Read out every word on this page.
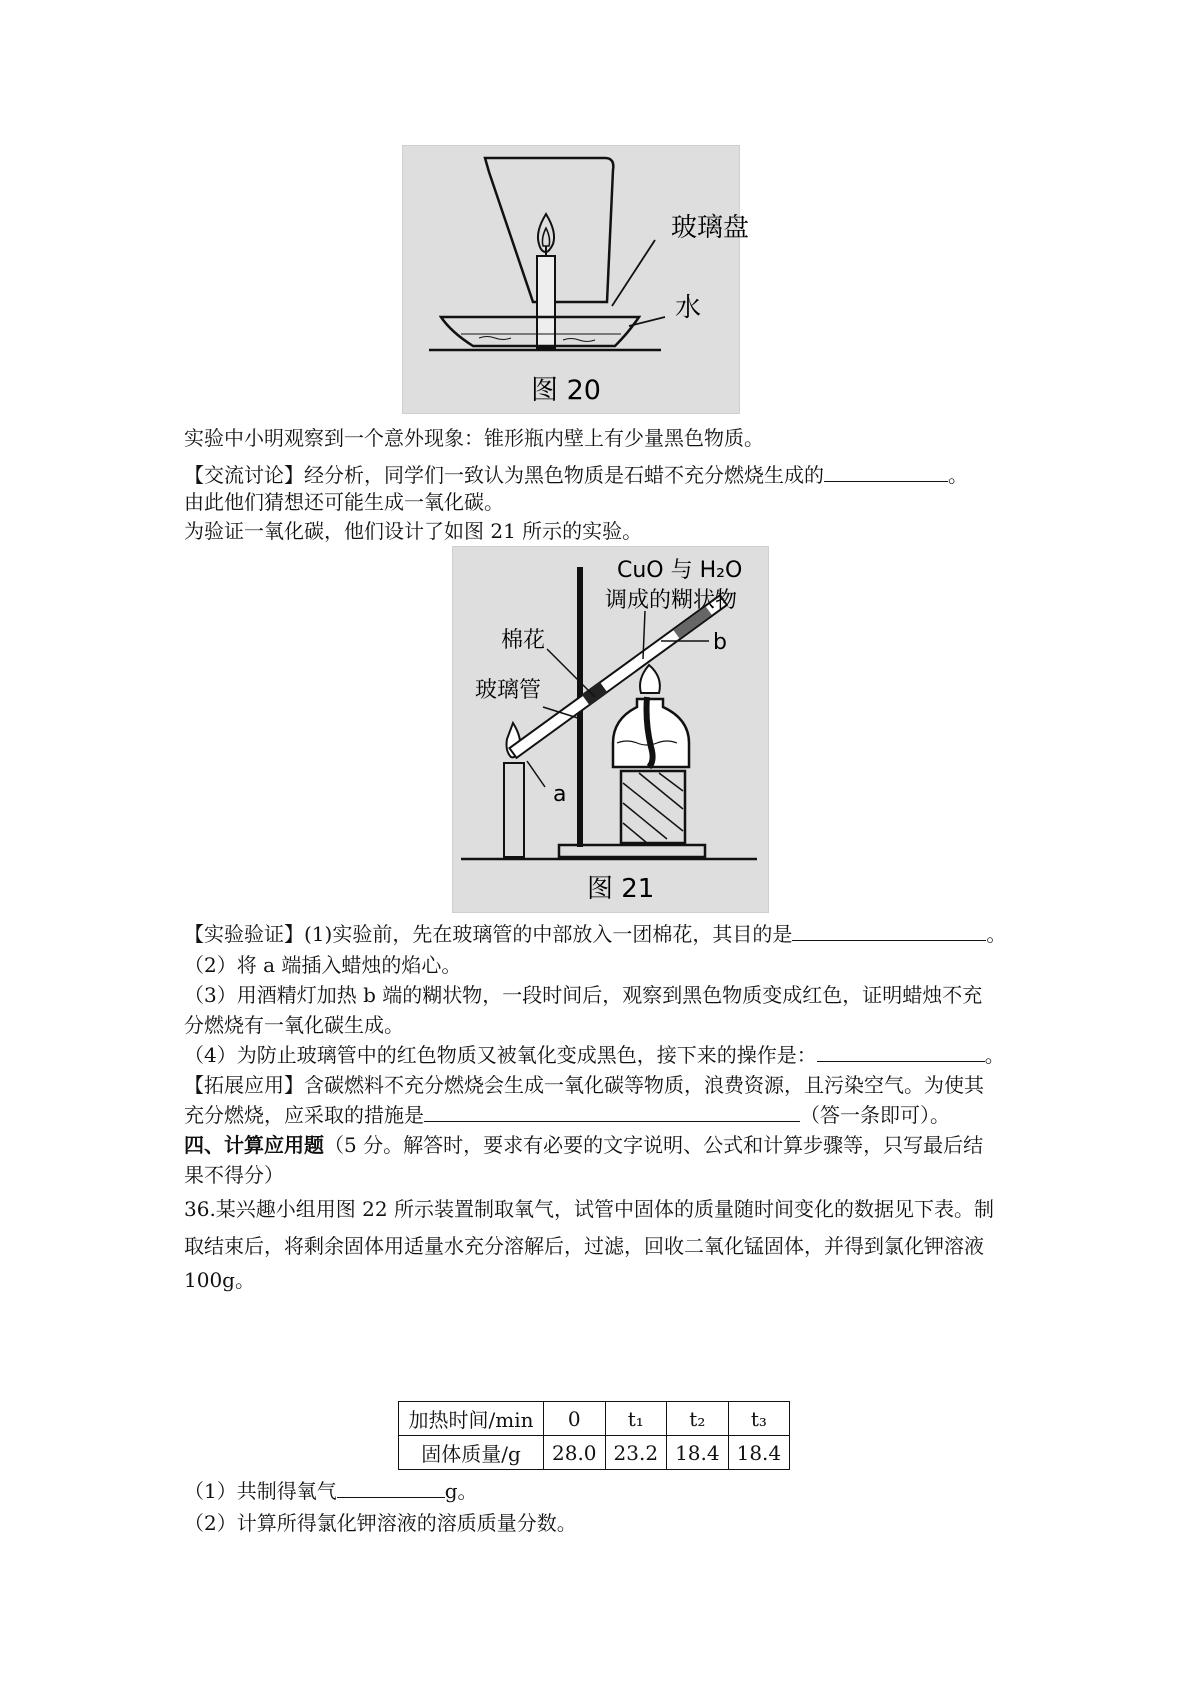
玻璃盘
水
图 20
实验中小明观察到一个意外现象：锥形瓶内壁上有少量黑色物质。
【交流讨论】经分析，同学们一致认为黑色物质是石蜡不充分燃烧生成的	。
由此他们猜想还可能生成一氧化碳。
为验证一氧化碳，他们设计了如图 21 所示的实验。
CuO 与 H₂O
调成的糊状物
棉花
玻璃管
a
b
图 21
【实验验证】(1)实验前，先在玻璃管的中部放入一团棉花，其目的是	。
（2）将 a 端插入蜡烛的焰心。
（3）用酒精灯加热 b 端的糊状物，一段时间后，观察到黑色物质变成红色，证明蜡烛不充
分燃烧有一氧化碳生成。
（4）为防止玻璃管中的红色物质又被氧化变成黑色，接下来的操作是：	。
【拓展应用】含碳燃料不充分燃烧会生成一氧化碳等物质，浪费资源，且污染空气。为使其
充分燃烧，应采取的措施是	（答一条即可）。
四、计算应用题（5 分。解答时，要求有必要的文字说明、公式和计算步骤等，只写最后结
果不得分）
36.某兴趣小组用图 22 所示装置制取氧气，试管中固体的质量随时间变化的数据见下表。制
取结束后，将剩余固体用适量水充分溶解后，过滤，回收二氧化锰固体，并得到氯化钾溶液
100g。
加热时间/min	0	t₁	t₂	t₃
固体质量/g	28.0	23.2	18.4	18.4
（1）共制得氧气	g。
（2）计算所得氯化钾溶液的溶质质量分数。
